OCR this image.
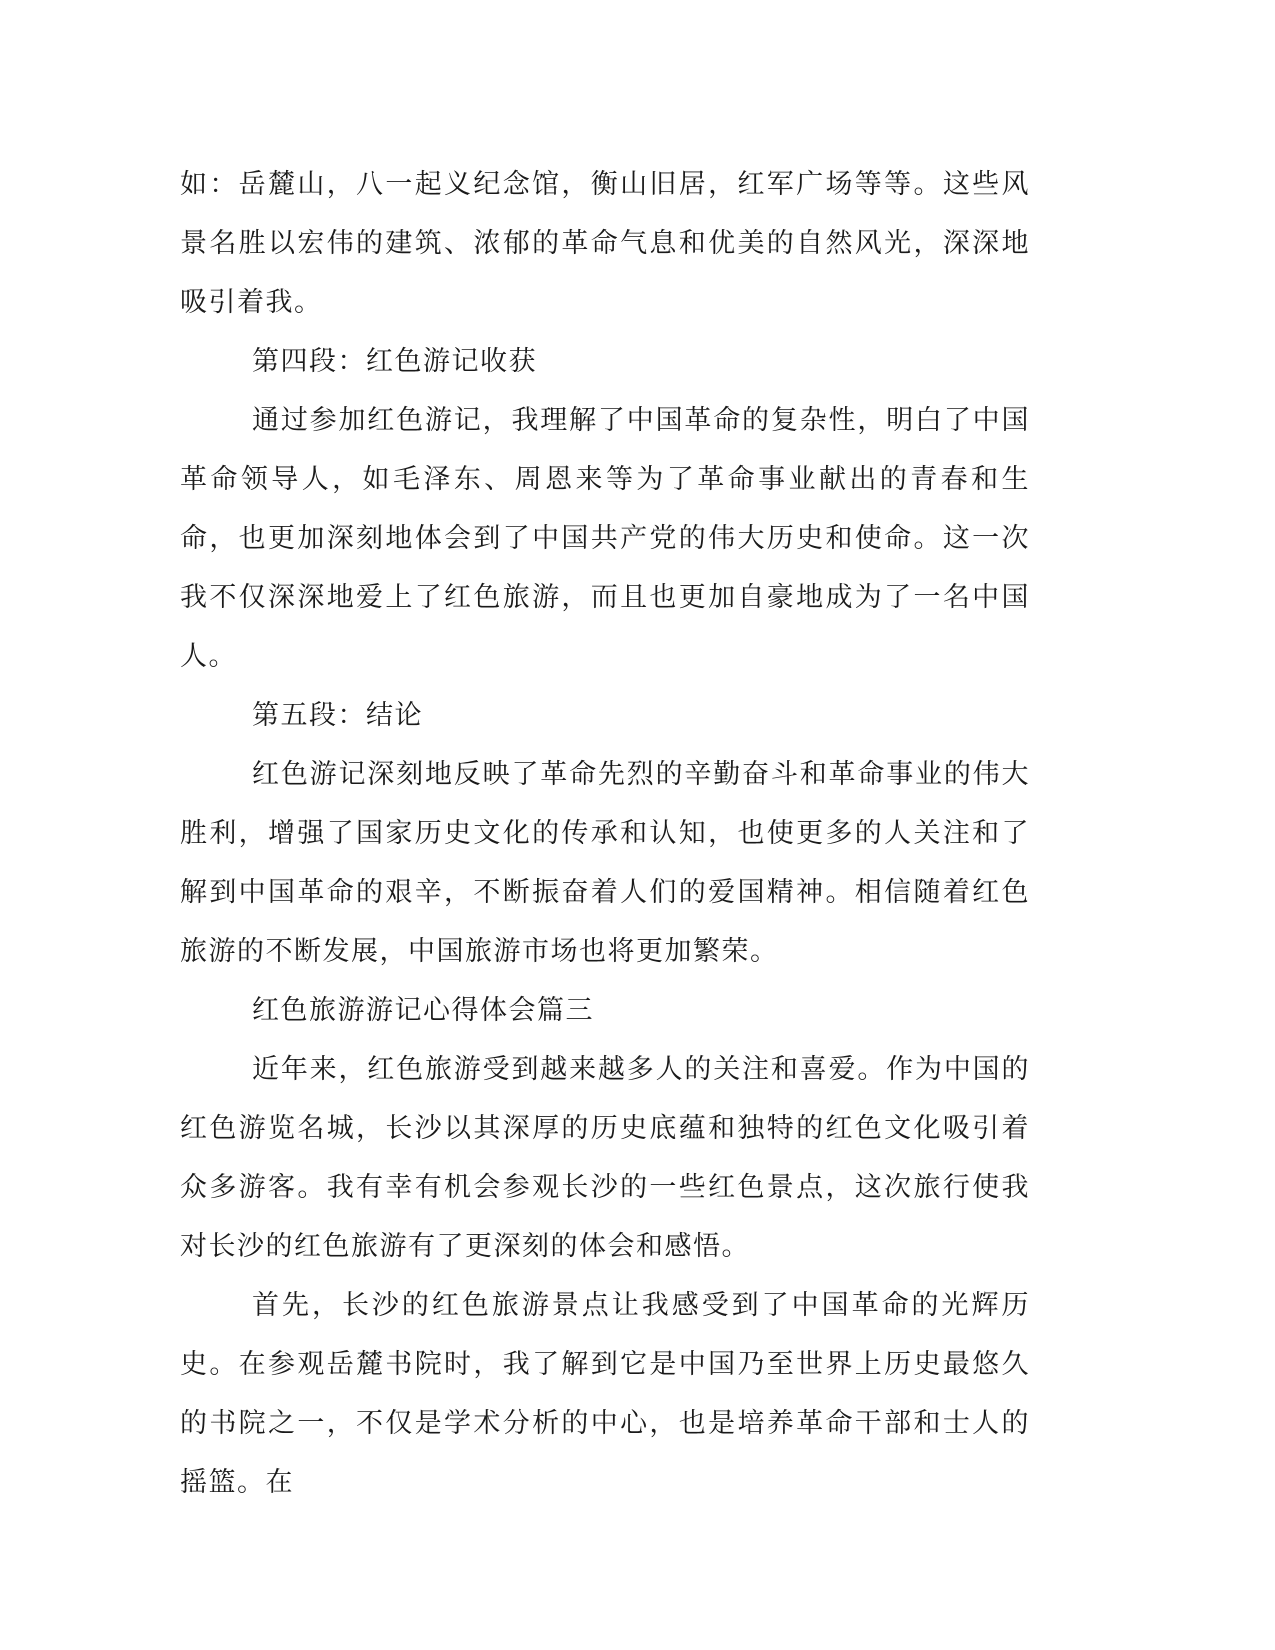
如：岳麓山，八一起义纪念馆，衡山旧居，红军广场等等。这些风景名胜以宏伟的建筑、浓郁的革命气息和优美的自然风光，深深地吸引着我。

第四段：红色游记收获

通过参加红色游记，我理解了中国革命的复杂性，明白了中国革命领导人，如毛泽东、周恩来等为了革命事业献出的青春和生命，也更加深刻地体会到了中国共产党的伟大历史和使命。这一次我不仅深深地爱上了红色旅游，而且也更加自豪地成为了一名中国人。

第五段：结论

红色游记深刻地反映了革命先烈的辛勤奋斗和革命事业的伟大胜利，增强了国家历史文化的传承和认知，也使更多的人关注和了解到中国革命的艰辛，不断振奋着人们的爱国精神。相信随着红色旅游的不断发展，中国旅游市场也将更加繁荣。

红色旅游游记心得体会篇三

近年来，红色旅游受到越来越多人的关注和喜爱。作为中国的红色游览名城，长沙以其深厚的历史底蕴和独特的红色文化吸引着众多游客。我有幸有机会参观长沙的一些红色景点，这次旅行使我对长沙的红色旅游有了更深刻的体会和感悟。

首先，长沙的红色旅游景点让我感受到了中国革命的光辉历史。在参观岳麓书院时，我了解到它是中国乃至世界上历史最悠久的书院之一，不仅是学术分析的中心，也是培养革命干部和士人的摇篮。在
